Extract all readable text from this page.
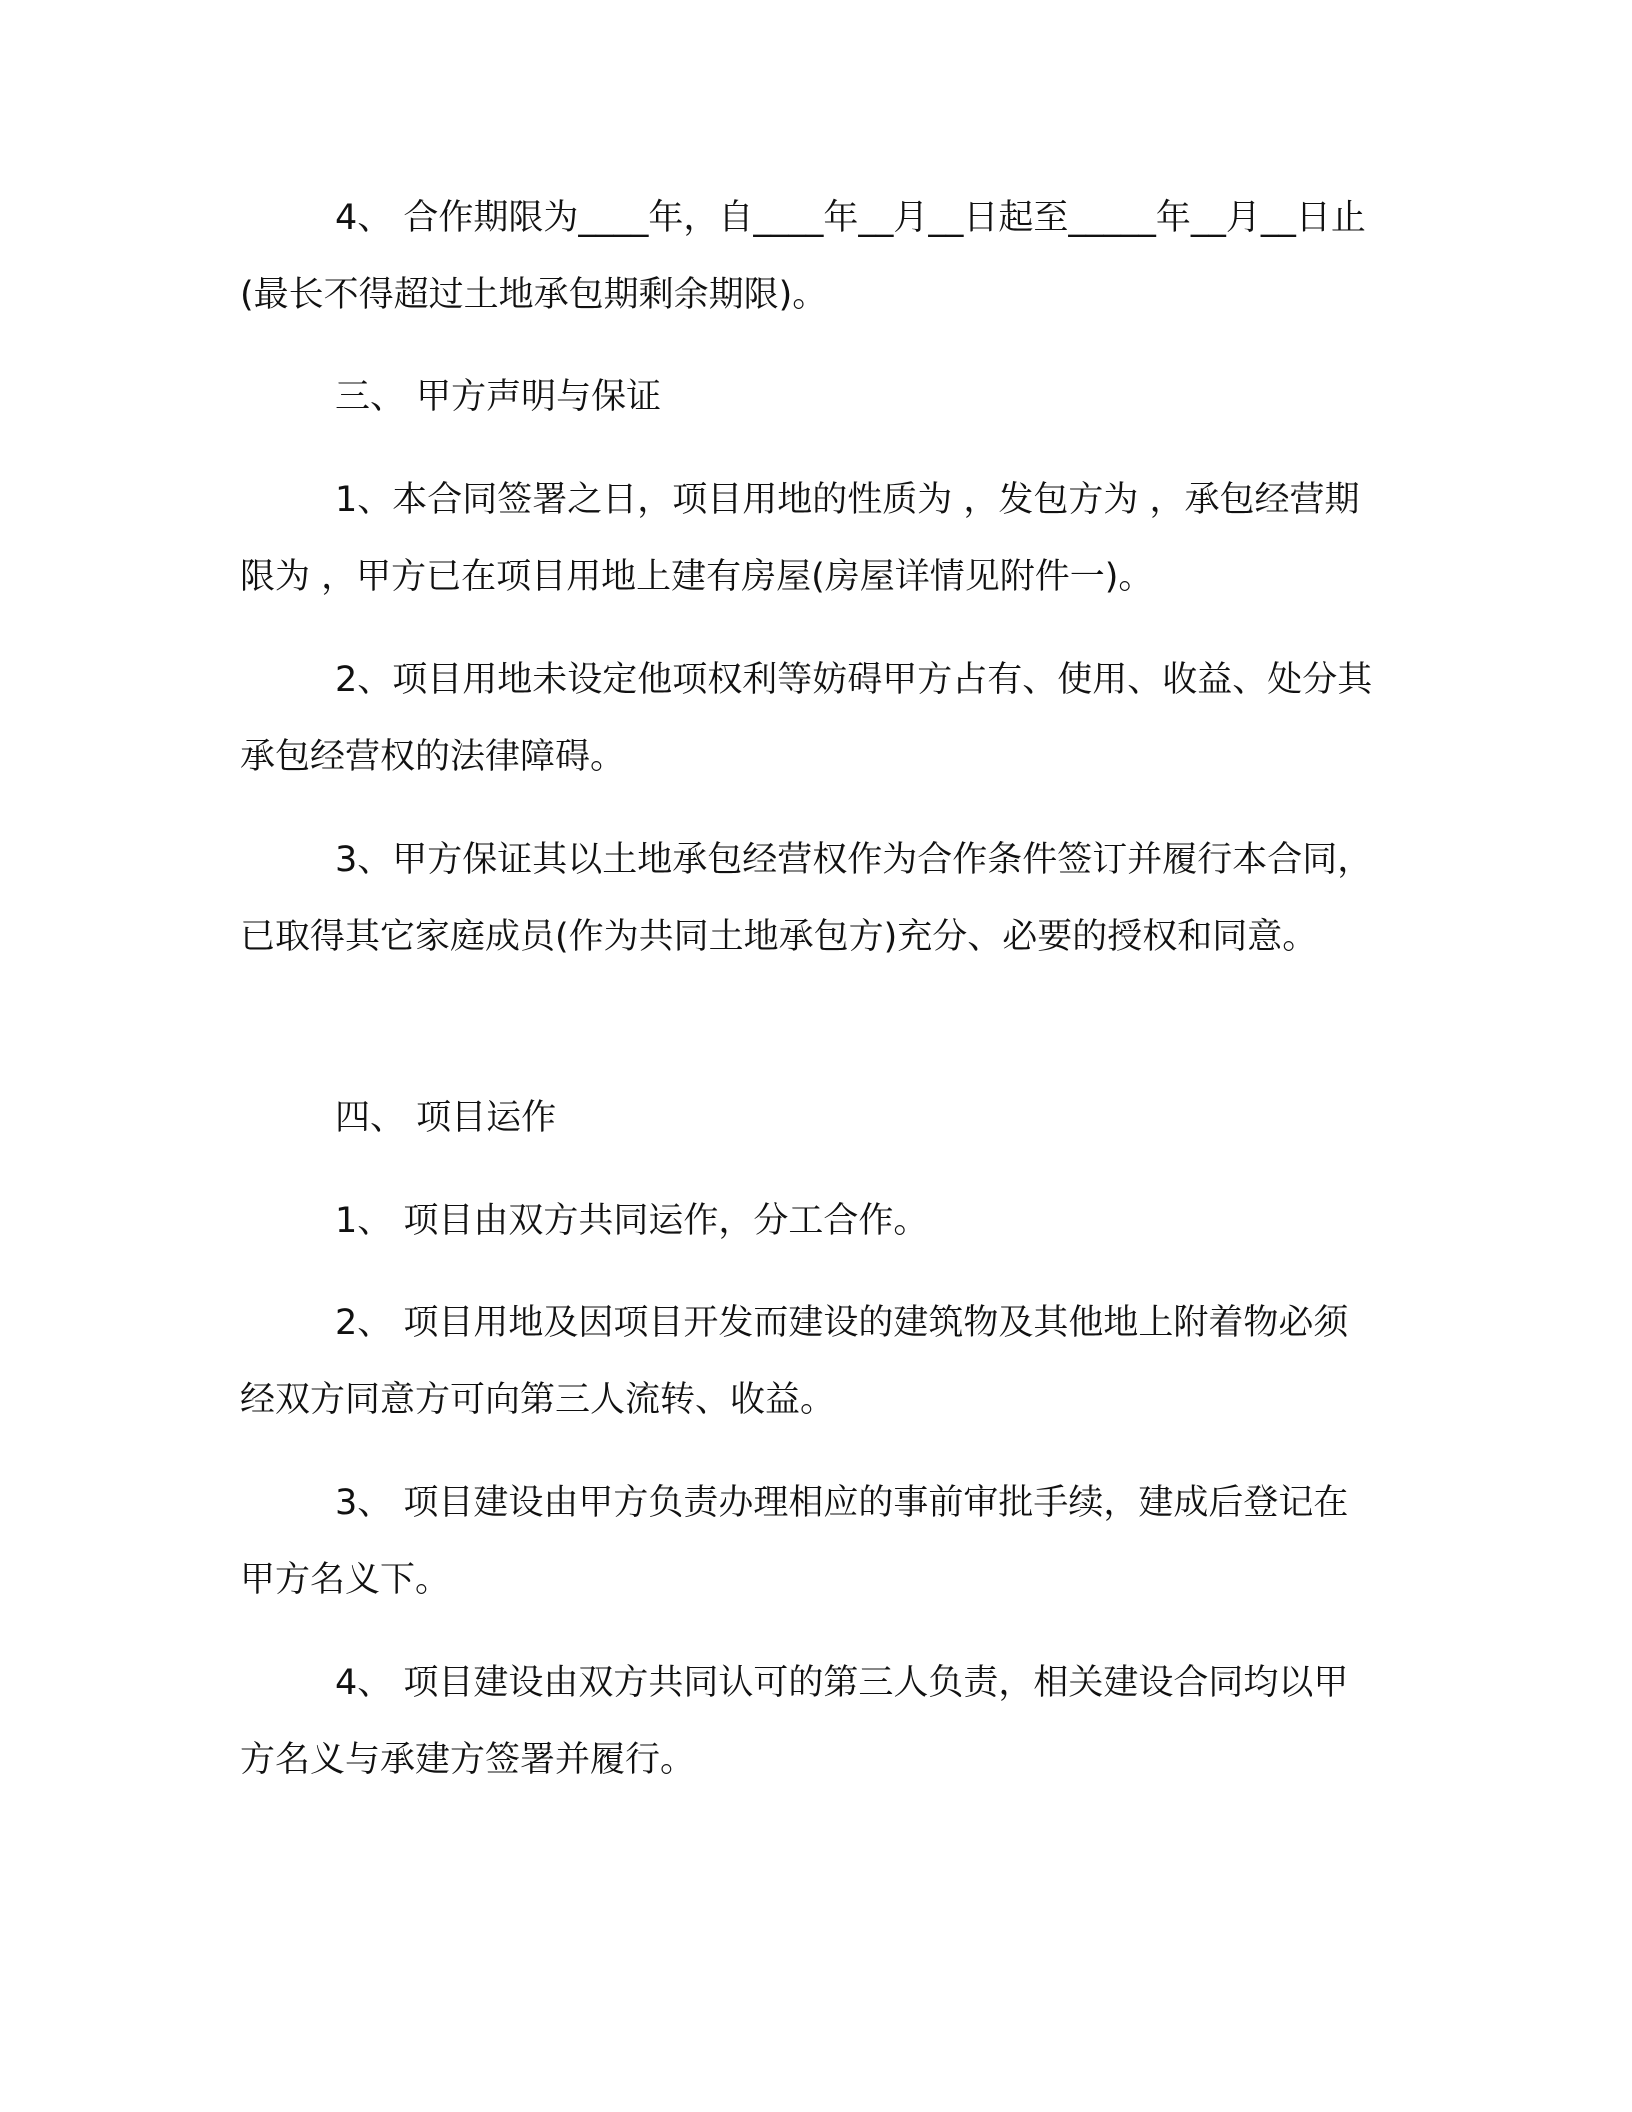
4、 合作期限为____年，自____年__月__日起至_____年__月__日止(最长不得超过土地承包期剩余期限)。

三、 甲方声明与保证

1、本合同签署之日，项目用地的性质为 ，发包方为 ，承包经营期限为 ，甲方已在项目用地上建有房屋(房屋详情见附件一)。

2、项目用地未设定他项权利等妨碍甲方占有、使用、收益、处分其承包经营权的法律障碍。

3、甲方保证其以土地承包经营权作为合作条件签订并履行本合同，已取得其它家庭成员(作为共同土地承包方)充分、必要的授权和同意。

四、 项目运作

1、 项目由双方共同运作，分工合作。

2、 项目用地及因项目开发而建设的建筑物及其他地上附着物必须经双方同意方可向第三人流转、收益。

3、 项目建设由甲方负责办理相应的事前审批手续，建成后登记在甲方名义下。

4、 项目建设由双方共同认可的第三人负责，相关建设合同均以甲方名义与承建方签署并履行。
